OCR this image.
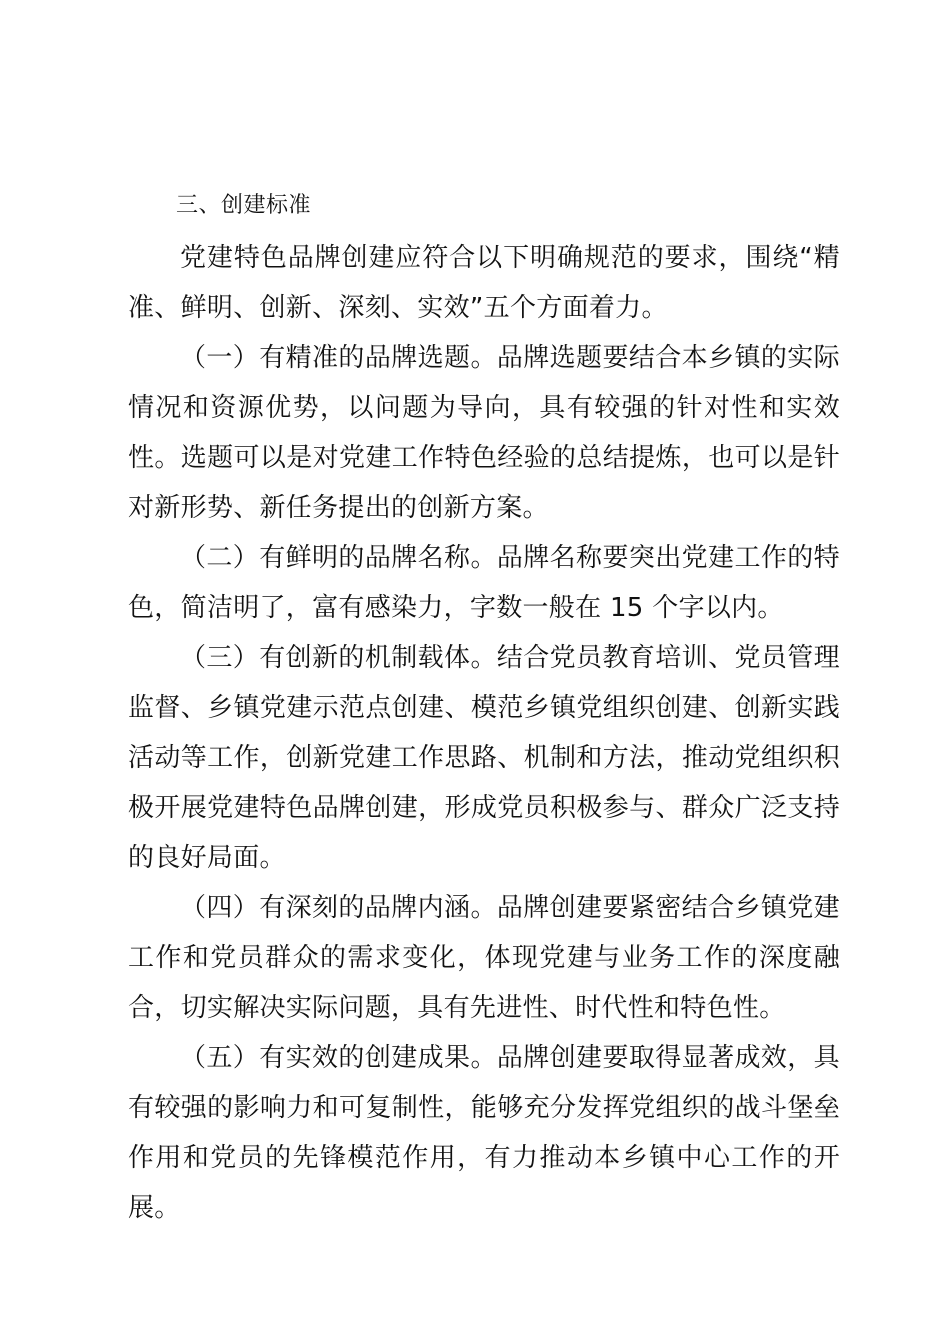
三、创建标准

党建特色品牌创建应符合以下明确规范的要求，围绕“精准、鲜明、创新、深刻、实效”五个方面着力。

（一）有精准的品牌选题。品牌选题要结合本乡镇的实际情况和资源优势，以问题为导向，具有较强的针对性和实效性。选题可以是对党建工作特色经验的总结提炼，也可以是针对新形势、新任务提出的创新方案。

（二）有鲜明的品牌名称。品牌名称要突出党建工作的特色，简洁明了，富有感染力，字数一般在 15 个字以内。

（三）有创新的机制载体。结合党员教育培训、党员管理监督、乡镇党建示范点创建、模范乡镇党组织创建、创新实践活动等工作，创新党建工作思路、机制和方法，推动党组织积极开展党建特色品牌创建，形成党员积极参与、群众广泛支持的良好局面。

（四）有深刻的品牌内涵。品牌创建要紧密结合乡镇党建工作和党员群众的需求变化，体现党建与业务工作的深度融合，切实解决实际问题，具有先进性、时代性和特色性。

（五）有实效的创建成果。品牌创建要取得显著成效，具有较强的影响力和可复制性，能够充分发挥党组织的战斗堡垒作用和党员的先锋模范作用，有力推动本乡镇中心工作的开展。
